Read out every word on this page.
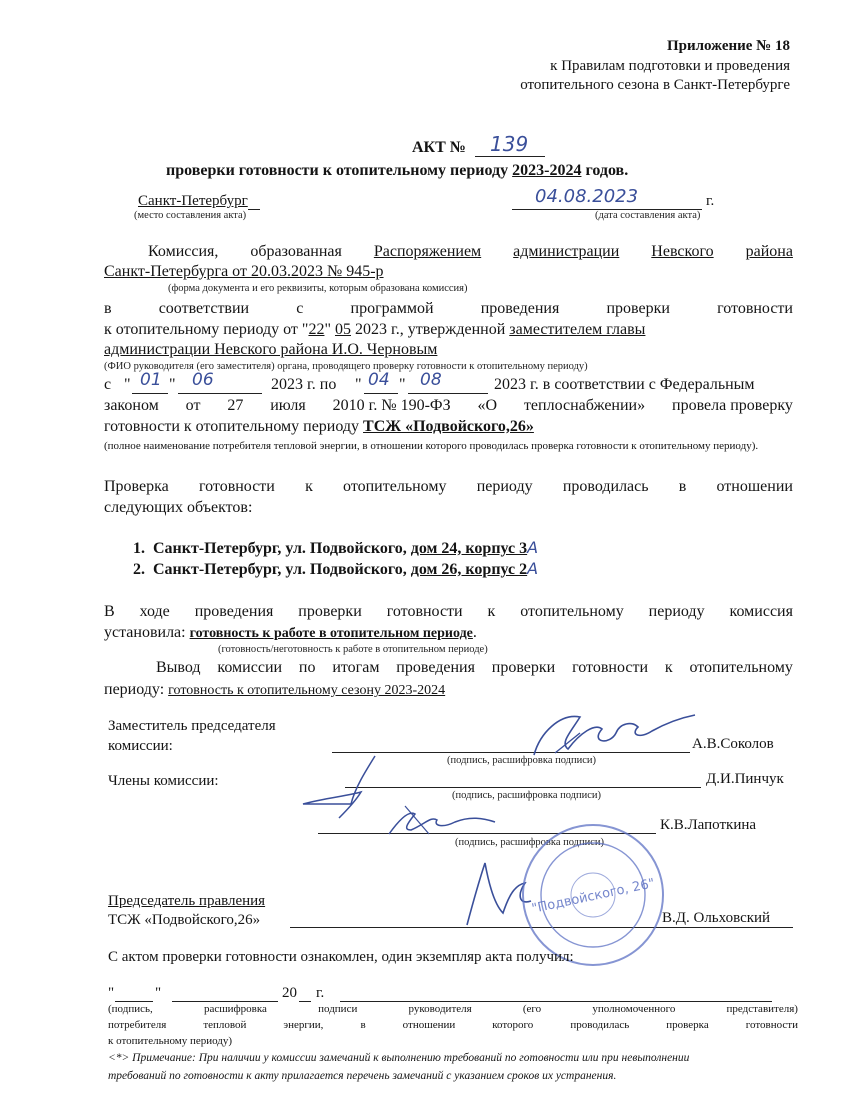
Приложение № 18
к Правилам подготовки и проведения
отопительного сезона в Санкт-Петербурге
АКТ № 139
проверки готовности к отопительному периоду 2023-2024 годов.
Санкт-Петербург
(место составления акта)
04.08.2023	г.
(дата составления акта)
Комиссия, образованная Распоряжением администрации Невского района
Санкт-Петербурга от 20.03.2023 № 945-р
(форма документа и его реквизиты, которым образована комиссия)
в	соответствии	с	программой	проведения	проверки	готовности
к отопительному периоду от "22" 05 2023 г., утвержденной заместителем главы
администрации Невского района И.О. Черновым
(ФИО руководителя (его заместителя) органа, проводящего проверку готовности к отопительному периоду)
с " 01 " 06	2023 г. по " 04 " 08	2023 г. в соответствии с Федеральным
законом от 27 июля 2010 г. № 190-ФЗ «О теплоснабжении» провела проверку
готовности к отопительному периоду ТСЖ «Подвойского,26»
(полное наименование потребителя тепловой энергии, в отношении которого проводилась проверка готовности к отопительному периоду).
Проверка готовности к отопительному периоду проводилась в отношении
следующих объектов:
1. Санкт-Петербург, ул. Подвойского, дом 24, корпус 3А
2. Санкт-Петербург, ул. Подвойского, дом 26, корпус 2А
В ходе проведения проверки готовности к отопительному периоду комиссия
установила: готовность к работе в отопительном периоде.
(готовность/неготовность к работе в отопительном периоде)
Вывод комиссии по итогам проведения проверки готовности к отопительному
периоду: готовность к отопительному сезону 2023-2024
Заместитель председателя
комиссии:	А.В.Соколов
(подпись, расшифровка подписи)
Члены комиссии:	Д.И.Пинчук
(подпись, расшифровка подписи)
К.В.Лапоткина
(подпись, расшифровка подписи)
Председатель правления
ТСЖ «Подвойского,26»	В.Д. Ольховский
"Подвойского, 26"
С актом проверки готовности ознакомлен, один экземпляр акта получил:
"	"	20 г.
(подпись,	расшифровка	подписи	руководителя	(его	уполномоченного	представителя)
потребителя	тепловой	энергии,	в	отношении	которого	проводилась	проверка	готовности
к отопительному периоду)
<*> Примечание: При наличии у комиссии замечаний к выполнению требований по готовности или при невыполнении
требований по готовности к акту прилагается перечень замечаний с указанием сроков их устранения.
